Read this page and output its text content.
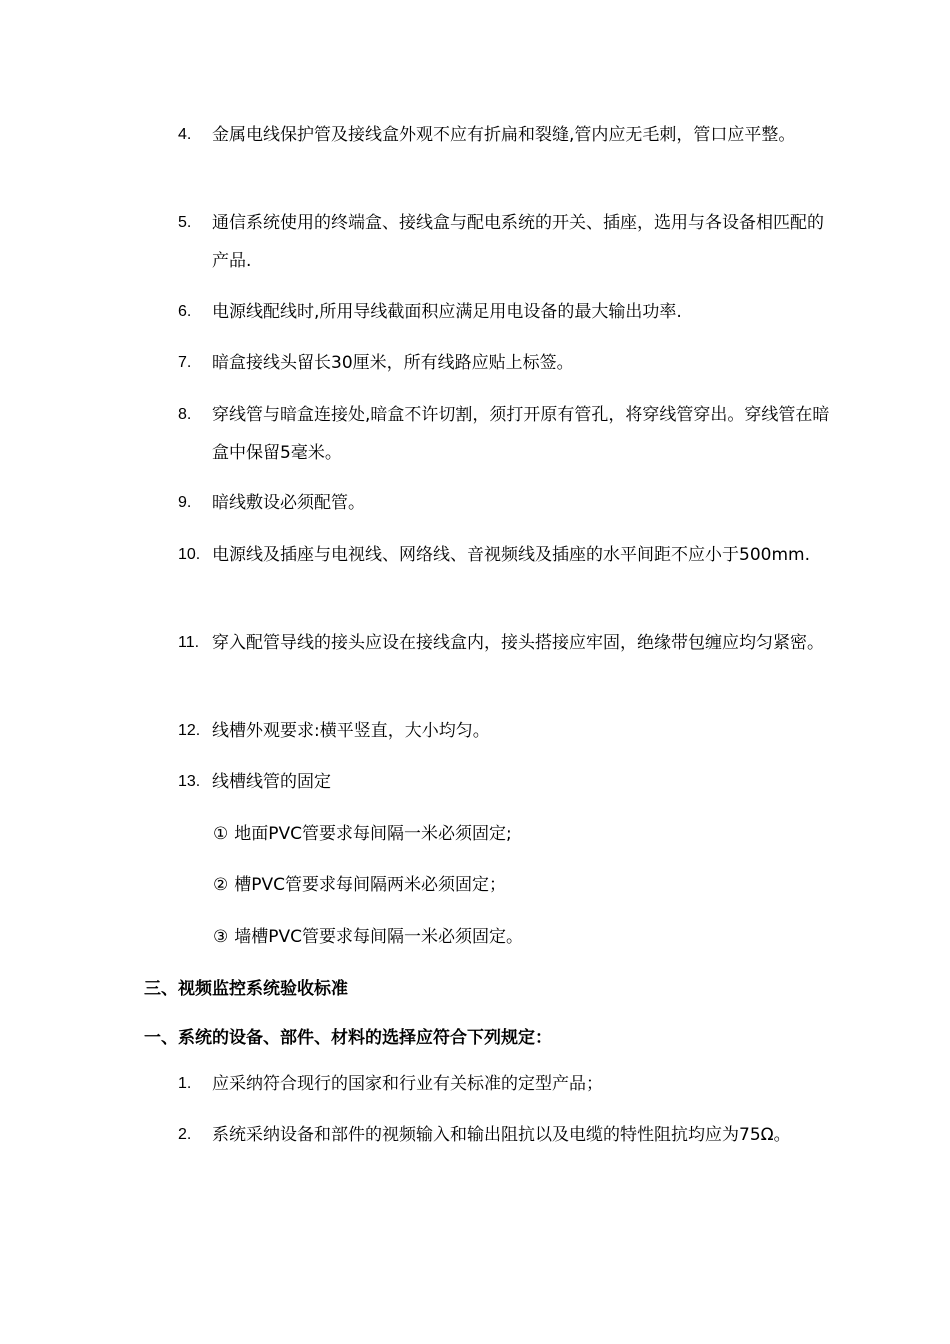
4.	金属电线保护管及接线盒外观不应有折扁和裂缝,管内应无毛刺，管口应平整。
5.	通信系统使用的终端盒、接线盒与配电系统的开关、插座，选用与各设备相匹配的产品.
6.	电源线配线时,所用导线截面积应满足用电设备的最大输出功率.
7.	暗盒接线头留长30厘米，所有线路应贴上标签。
8.	穿线管与暗盒连接处,暗盒不许切割，须打开原有管孔，将穿线管穿出。穿线管在暗盒中保留5毫米。
9.	暗线敷设必须配管。
10. 电源线及插座与电视线、网络线、音视频线及插座的水平间距不应小于500mm.
11. 穿入配管导线的接头应设在接线盒内，接头搭接应牢固，绝缘带包缠应均匀紧密。
12. 线槽外观要求:横平竖直，大小均匀。
13. 线槽线管的固定
① 地面PVC管要求每间隔一米必须固定;
② 槽PVC管要求每间隔两米必须固定；
③ 墙槽PVC管要求每间隔一米必须固定。
三、视频监控系统验收标准
一、系统的设备、部件、材料的选择应符合下列规定：
1.	应采纳符合现行的国家和行业有关标准的定型产品；
2.	系统采纳设备和部件的视频输入和输出阻抗以及电缆的特性阻抗均应为75Ω。
